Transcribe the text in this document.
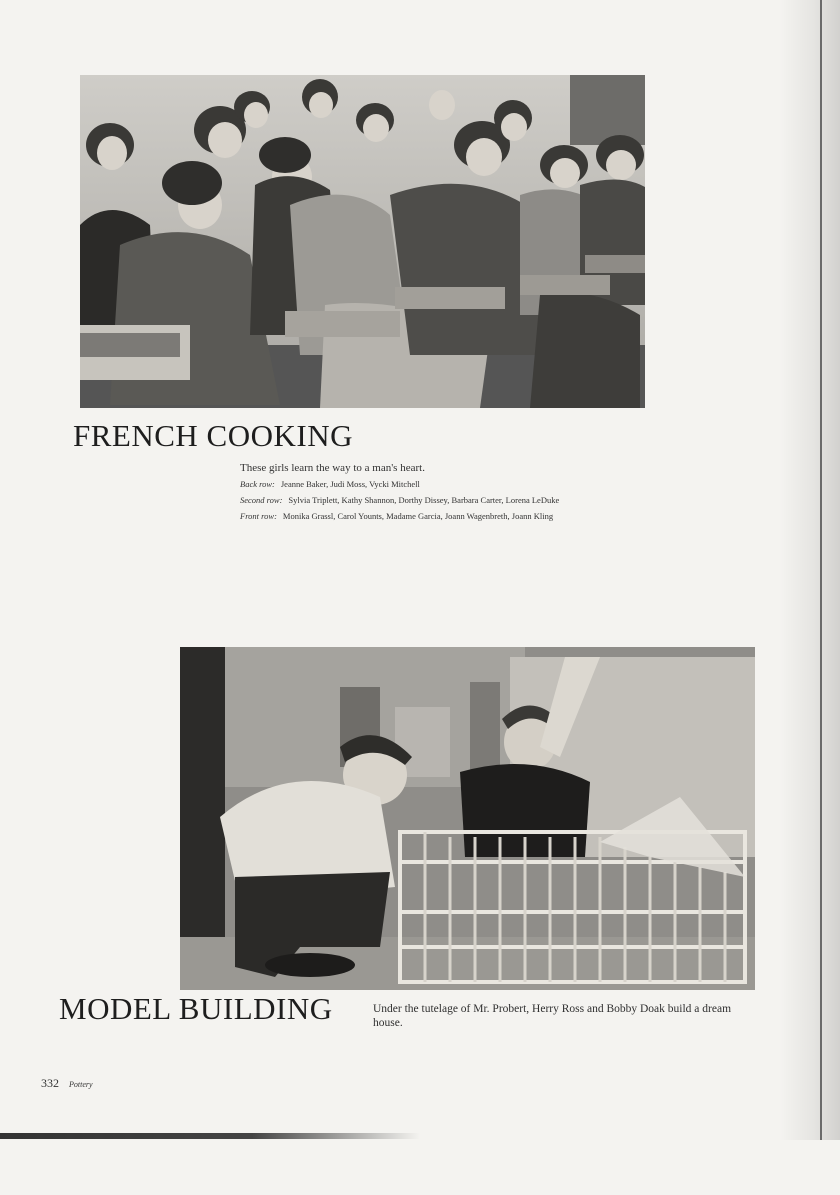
FRENCH COOKING
These girls learn the way to a man's heart.
Back row: Jeanne Baker, Judi Moss, Vycki Mitchell
Second row: Sylvia Triplett, Kathy Shannon, Dorthy Dissey, Barbara Carter, Lorena LeDuke
Front row: Monika Grassl, Carol Younts, Madame Garcia, Joann Wagenbreth, Joann Kling
MODEL BUILDING	Under the tutelage of Mr. Probert, Herry Ross and Bobby Doak build a dream house.
332 Pottery
